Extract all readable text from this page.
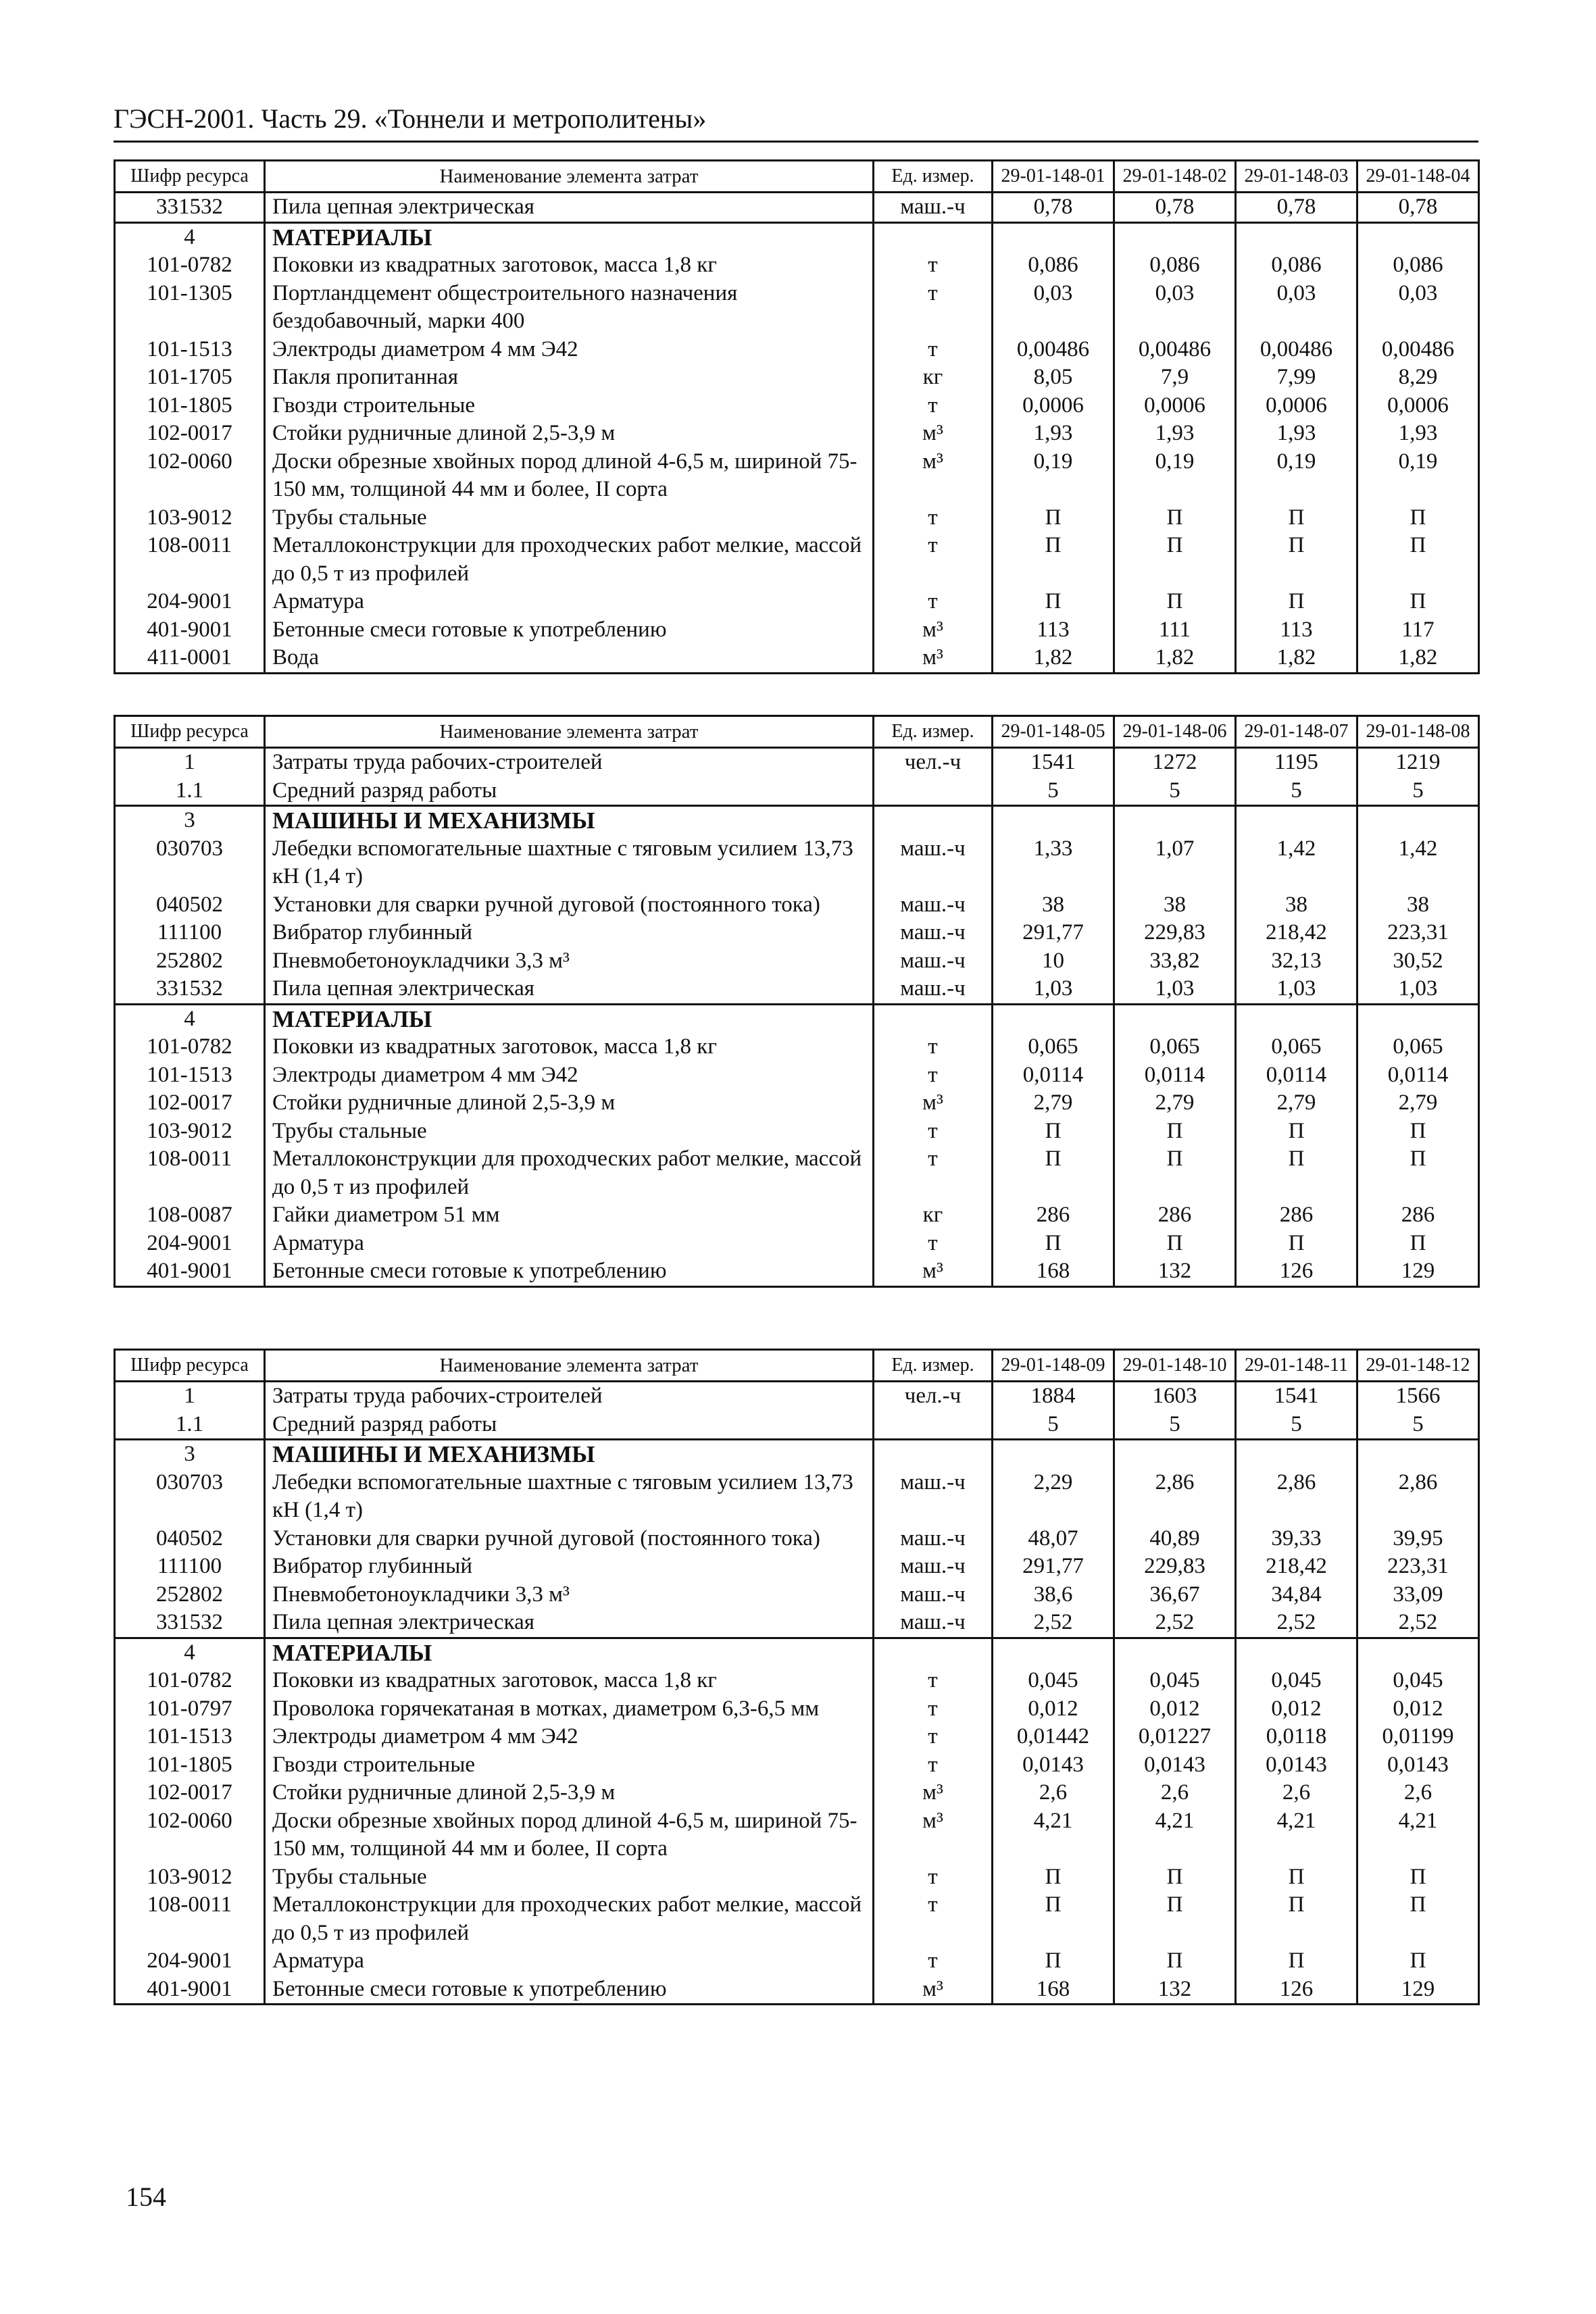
ГЭСН-2001. Часть 29. «Тоннели и метрополитены»
Шифр ресурса	Наименование элемента затрат	Ед. измер.	29-01-148-01	29-01-148-02	29-01-148-03	29-01-148-04
331532	Пила цепная электрическая	маш.-ч	0,78	0,78	0,78	0,78
4	МАТЕРИАЛЫ					
101-0782	Поковки из квадратных заготовок, масса 1,8 кг	т	0,086	0,086	0,086	0,086
101-1305	Портландцемент общестроительного назначения бездобавочный, марки 400	т	0,03	0,03	0,03	0,03
101-1513	Электроды диаметром 4 мм Э42	т	0,00486	0,00486	0,00486	0,00486
101-1705	Пакля пропитанная	кг	8,05	7,9	7,99	8,29
101-1805	Гвозди строительные	т	0,0006	0,0006	0,0006	0,0006
102-0017	Стойки рудничные длиной 2,5-3,9 м	м³	1,93	1,93	1,93	1,93
102-0060	Доски обрезные хвойных пород длиной 4-6,5 м, шириной 75-150 мм, толщиной 44 мм и более, II сорта	м³	0,19	0,19	0,19	0,19
103-9012	Трубы стальные	т	П	П	П	П
108-0011	Металлоконструкции для проходческих работ мелкие, массой до 0,5 т из профилей	т	П	П	П	П
204-9001	Арматура	т	П	П	П	П
401-9001	Бетонные смеси готовые к употреблению	м³	113	111	113	117
411-0001	Вода	м³	1,82	1,82	1,82	1,82
Шифр ресурса	Наименование элемента затрат	Ед. измер.	29-01-148-05	29-01-148-06	29-01-148-07	29-01-148-08
1	Затраты труда рабочих-строителей	чел.-ч	1541	1272	1195	1219
1.1	Средний разряд работы		5	5	5	5
3	МАШИНЫ И МЕХАНИЗМЫ					
030703	Лебедки вспомогательные шахтные с тяговым усилием 13,73 кН (1,4 т)	маш.-ч	1,33	1,07	1,42	1,42
040502	Установки для сварки ручной дуговой (постоянного тока)	маш.-ч	38	38	38	38
111100	Вибратор глубинный	маш.-ч	291,77	229,83	218,42	223,31
252802	Пневмобетоноукладчики 3,3 м³	маш.-ч	10	33,82	32,13	30,52
331532	Пила цепная электрическая	маш.-ч	1,03	1,03	1,03	1,03
4	МАТЕРИАЛЫ					
101-0782	Поковки из квадратных заготовок, масса 1,8 кг	т	0,065	0,065	0,065	0,065
101-1513	Электроды диаметром 4 мм Э42	т	0,0114	0,0114	0,0114	0,0114
102-0017	Стойки рудничные длиной 2,5-3,9 м	м³	2,79	2,79	2,79	2,79
103-9012	Трубы стальные	т	П	П	П	П
108-0011	Металлоконструкции для проходческих работ мелкие, массой до 0,5 т из профилей	т	П	П	П	П
108-0087	Гайки диаметром 51 мм	кг	286	286	286	286
204-9001	Арматура	т	П	П	П	П
401-9001	Бетонные смеси готовые к употреблению	м³	168	132	126	129
Шифр ресурса	Наименование элемента затрат	Ед. измер.	29-01-148-09	29-01-148-10	29-01-148-11	29-01-148-12
1	Затраты труда рабочих-строителей	чел.-ч	1884	1603	1541	1566
1.1	Средний разряд работы		5	5	5	5
3	МАШИНЫ И МЕХАНИЗМЫ					
030703	Лебедки вспомогательные шахтные с тяговым усилием 13,73 кН (1,4 т)	маш.-ч	2,29	2,86	2,86	2,86
040502	Установки для сварки ручной дуговой (постоянного тока)	маш.-ч	48,07	40,89	39,33	39,95
111100	Вибратор глубинный	маш.-ч	291,77	229,83	218,42	223,31
252802	Пневмобетоноукладчики 3,3 м³	маш.-ч	38,6	36,67	34,84	33,09
331532	Пила цепная электрическая	маш.-ч	2,52	2,52	2,52	2,52
4	МАТЕРИАЛЫ					
101-0782	Поковки из квадратных заготовок, масса 1,8 кг	т	0,045	0,045	0,045	0,045
101-0797	Проволока горячекатаная в мотках, диаметром 6,3-6,5 мм	т	0,012	0,012	0,012	0,012
101-1513	Электроды диаметром 4 мм Э42	т	0,01442	0,01227	0,0118	0,01199
101-1805	Гвозди строительные	т	0,0143	0,0143	0,0143	0,0143
102-0017	Стойки рудничные длиной 2,5-3,9 м	м³	2,6	2,6	2,6	2,6
102-0060	Доски обрезные хвойных пород длиной 4-6,5 м, шириной 75-150 мм, толщиной 44 мм и более, II сорта	м³	4,21	4,21	4,21	4,21
103-9012	Трубы стальные	т	П	П	П	П
108-0011	Металлоконструкции для проходческих работ мелкие, массой до 0,5 т из профилей	т	П	П	П	П
204-9001	Арматура	т	П	П	П	П
401-9001	Бетонные смеси готовые к употреблению	м³	168	132	126	129
154
